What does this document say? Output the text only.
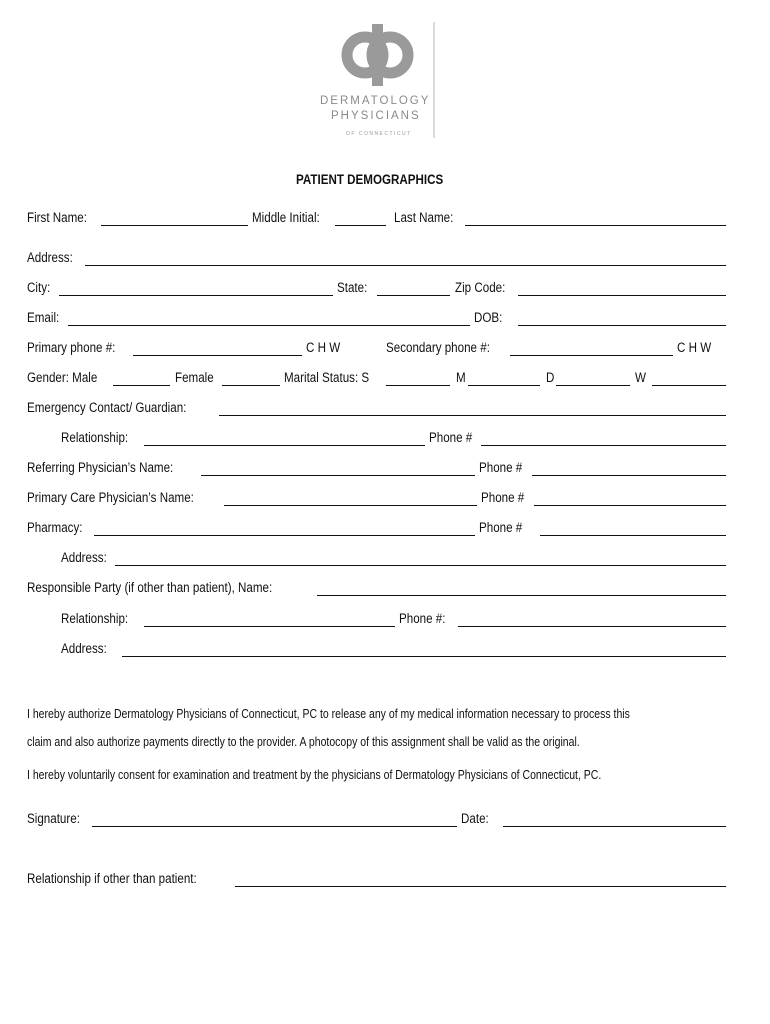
DERMATOLOGY
PHYSICIANS
OF CONNECTICUT
PATIENT DEMOGRAPHICS
First Name:	Middle Initial:	Last Name:
Address:
City:	State:	Zip Code:
Email:	DOB:
Primary phone #:	C H W	Secondary phone #:	C H W
Gender: Male	Female	Marital Status: S	M	D	W
Emergency Contact/ Guardian:
Relationship:	Phone #
Referring Physician’s Name:	Phone #
Primary Care Physician’s Name:	Phone #
Pharmacy:	Phone #
Address:
Responsible Party (if other than patient), Name:
Relationship:	Phone #:
Address:
I hereby authorize Dermatology Physicians of Connecticut, PC to release any of my medical information necessary to process this
claim and also authorize payments directly to the provider. A photocopy of this assignment shall be valid as the original.
I hereby voluntarily consent for examination and treatment by the physicians of Dermatology Physicians of Connecticut, PC.
Signature:	Date:
Relationship if other than patient:
